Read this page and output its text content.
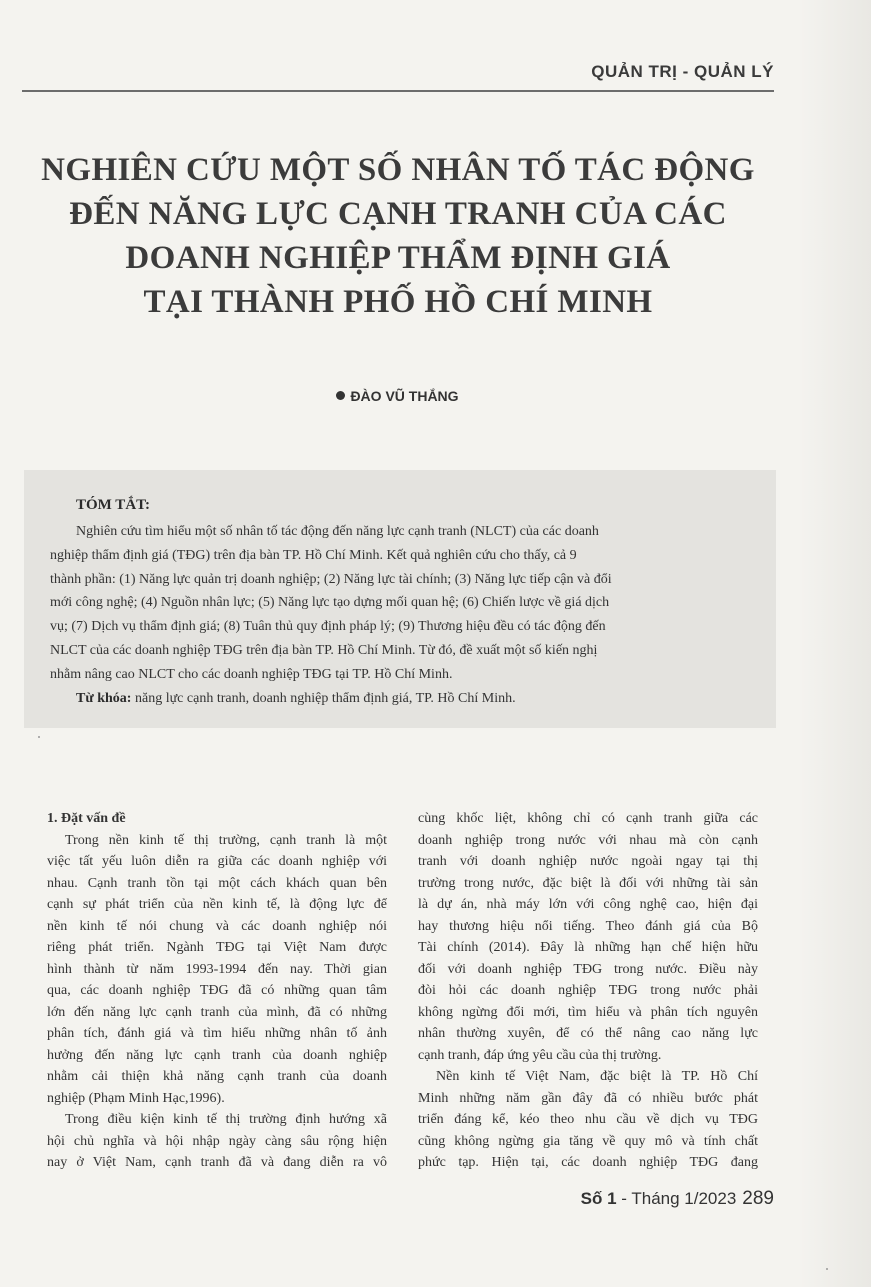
QUẢN TRỊ - QUẢN LÝ
NGHIÊN CỨU MỘT SỐ NHÂN TỐ TÁC ĐỘNG
ĐẾN NĂNG LỰC CẠNH TRANH CỦA CÁC
DOANH NGHIỆP THẨM ĐỊNH GIÁ
TẠI THÀNH PHỐ HỒ CHÍ MINH
ĐÀO VŨ THẮNG
TÓM TẮT:
Nghiên cứu tìm hiểu một số nhân tố tác động đến năng lực cạnh tranh (NLCT) của các doanh
nghiệp thẩm định giá (TĐG) trên địa bàn TP. Hồ Chí Minh. Kết quả nghiên cứu cho thấy, cả 9
thành phần: (1) Năng lực quản trị doanh nghiệp; (2) Năng lực tài chính; (3) Năng lực tiếp cận và đổi
mới công nghệ; (4) Nguồn nhân lực; (5) Năng lực tạo dựng mối quan hệ; (6) Chiến lược về giá dịch
vụ; (7) Dịch vụ thẩm định giá; (8) Tuân thủ quy định pháp lý; (9) Thương hiệu đều có tác động đến
NLCT của các doanh nghiệp TĐG trên địa bàn TP. Hồ Chí Minh. Từ đó, đề xuất một số kiến nghị
nhằm nâng cao NLCT cho các doanh nghiệp TĐG tại TP. Hồ Chí Minh.
Từ khóa: năng lực cạnh tranh, doanh nghiệp thẩm định giá, TP. Hồ Chí Minh.
1. Đặt vấn đề
Trong nền kinh tế thị trường, cạnh tranh là một
việc tất yếu luôn diễn ra giữa các doanh nghiệp với
nhau. Cạnh tranh tồn tại một cách khách quan bên
cạnh sự phát triển của nền kinh tế, là động lực để
nền kinh tế nói chung và các doanh nghiệp nói
riêng phát triển. Ngành TĐG tại Việt Nam được
hình thành từ năm 1993-1994 đến nay. Thời gian
qua, các doanh nghiệp TĐG đã có những quan tâm
lớn đến năng lực cạnh tranh của mình, đã có những
phân tích, đánh giá và tìm hiểu những nhân tố ảnh
hưởng đến năng lực cạnh tranh của doanh nghiệp
nhằm cải thiện khả năng cạnh tranh của doanh
nghiệp (Phạm Minh Hạc,1996).
Trong điều kiện kinh tế thị trường định hướng xã
hội chủ nghĩa và hội nhập ngày càng sâu rộng hiện
nay ở Việt Nam, cạnh tranh đã và đang diễn ra vô
cùng khốc liệt, không chỉ có cạnh tranh giữa các
doanh nghiệp trong nước với nhau mà còn cạnh
tranh với doanh nghiệp nước ngoài ngay tại thị
trường trong nước, đặc biệt là đối với những tài sản
là dự án, nhà máy lớn với công nghệ cao, hiện đại
hay thương hiệu nổi tiếng. Theo đánh giá của Bộ
Tài chính (2014). Đây là những hạn chế hiện hữu
đối với doanh nghiệp TĐG trong nước. Điều này
đòi hỏi các doanh nghiệp TĐG trong nước phải
không ngừng đổi mới, tìm hiểu và phân tích nguyên
nhân thường xuyên, để có thể nâng cao năng lực
cạnh tranh, đáp ứng yêu cầu của thị trường.
Nền kinh tế Việt Nam, đặc biệt là TP. Hồ Chí
Minh những năm gần đây đã có nhiều bước phát
triển đáng kể, kéo theo nhu cầu về dịch vụ TĐG
cũng không ngừng gia tăng về quy mô và tính chất
phức tạp. Hiện tại, các doanh nghiệp TĐG đang
Số 1 - Tháng 1/2023 289
